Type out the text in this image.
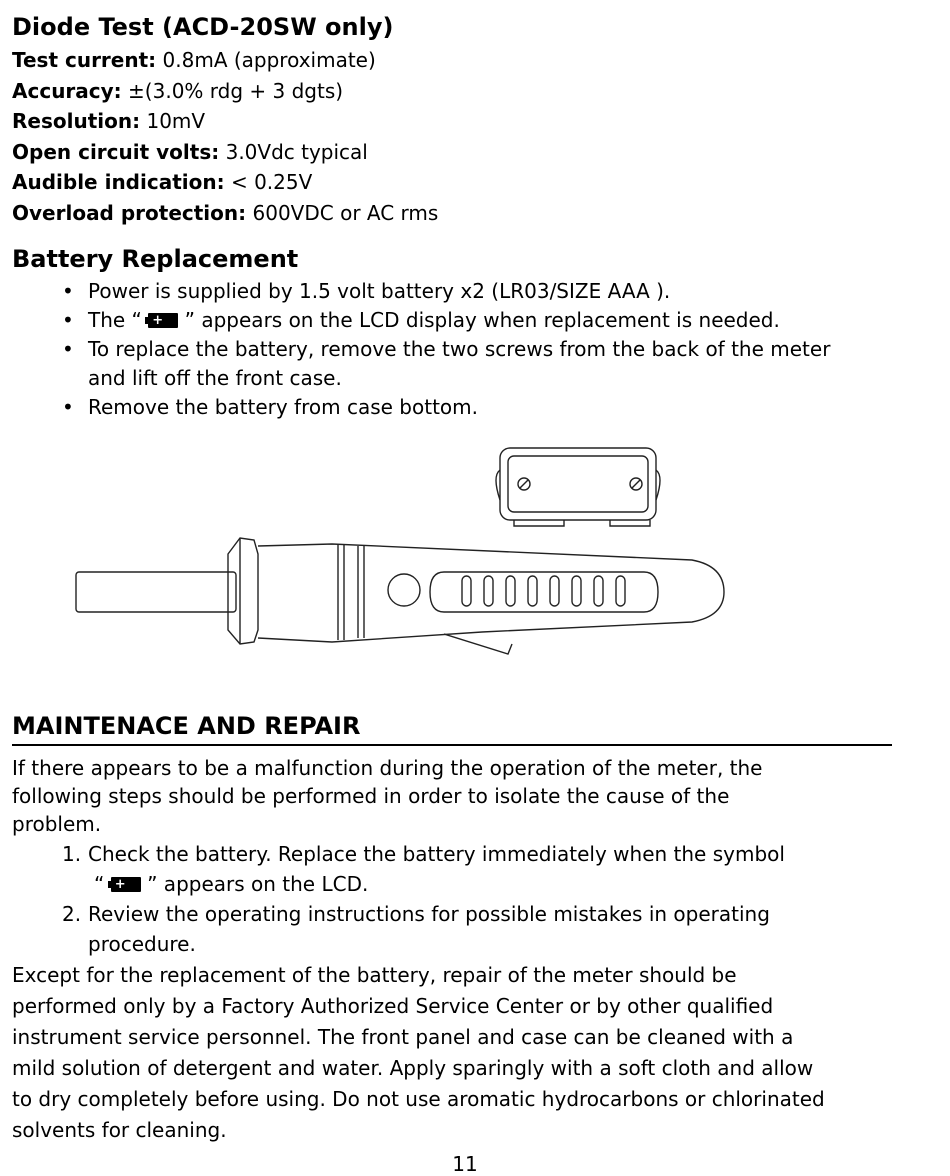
Diode Test (ACD-20SW only)
Test current: 0.8mA (approximate)
Accuracy: ±(3.0% rdg + 3 dgts)
Resolution: 10mV
Open circuit volts: 3.0Vdc typical
Audible indication: < 0.25V
Overload protection: 600VDC or AC rms
Battery Replacement
• Power is supplied by 1.5 volt battery x2 (LR03/SIZE AAA ).
• The “ + ” appears on the LCD display when replacement is needed.
• To replace the battery, remove the two screws from the back of the meter
and lift off the front case.
• Remove the battery from case bottom.
MAINTENACE AND REPAIR
If there appears to be a malfunction during the operation of the meter, the
following steps should be performed in order to isolate the cause of the
problem.
1. Check the battery. Replace the battery immediately when the symbol
“ + ” appears on the LCD.
2. Review the operating instructions for possible mistakes in operating
procedure.
Except for the replacement of the battery, repair of the meter should be
performed only by a Factory Authorized Service Center or by other qualified
instrument service personnel. The front panel and case can be cleaned with a
mild solution of detergent and water. Apply sparingly with a soft cloth and allow
to dry completely before using. Do not use aromatic hydrocarbons or chlorinated
solvents for cleaning.
11
